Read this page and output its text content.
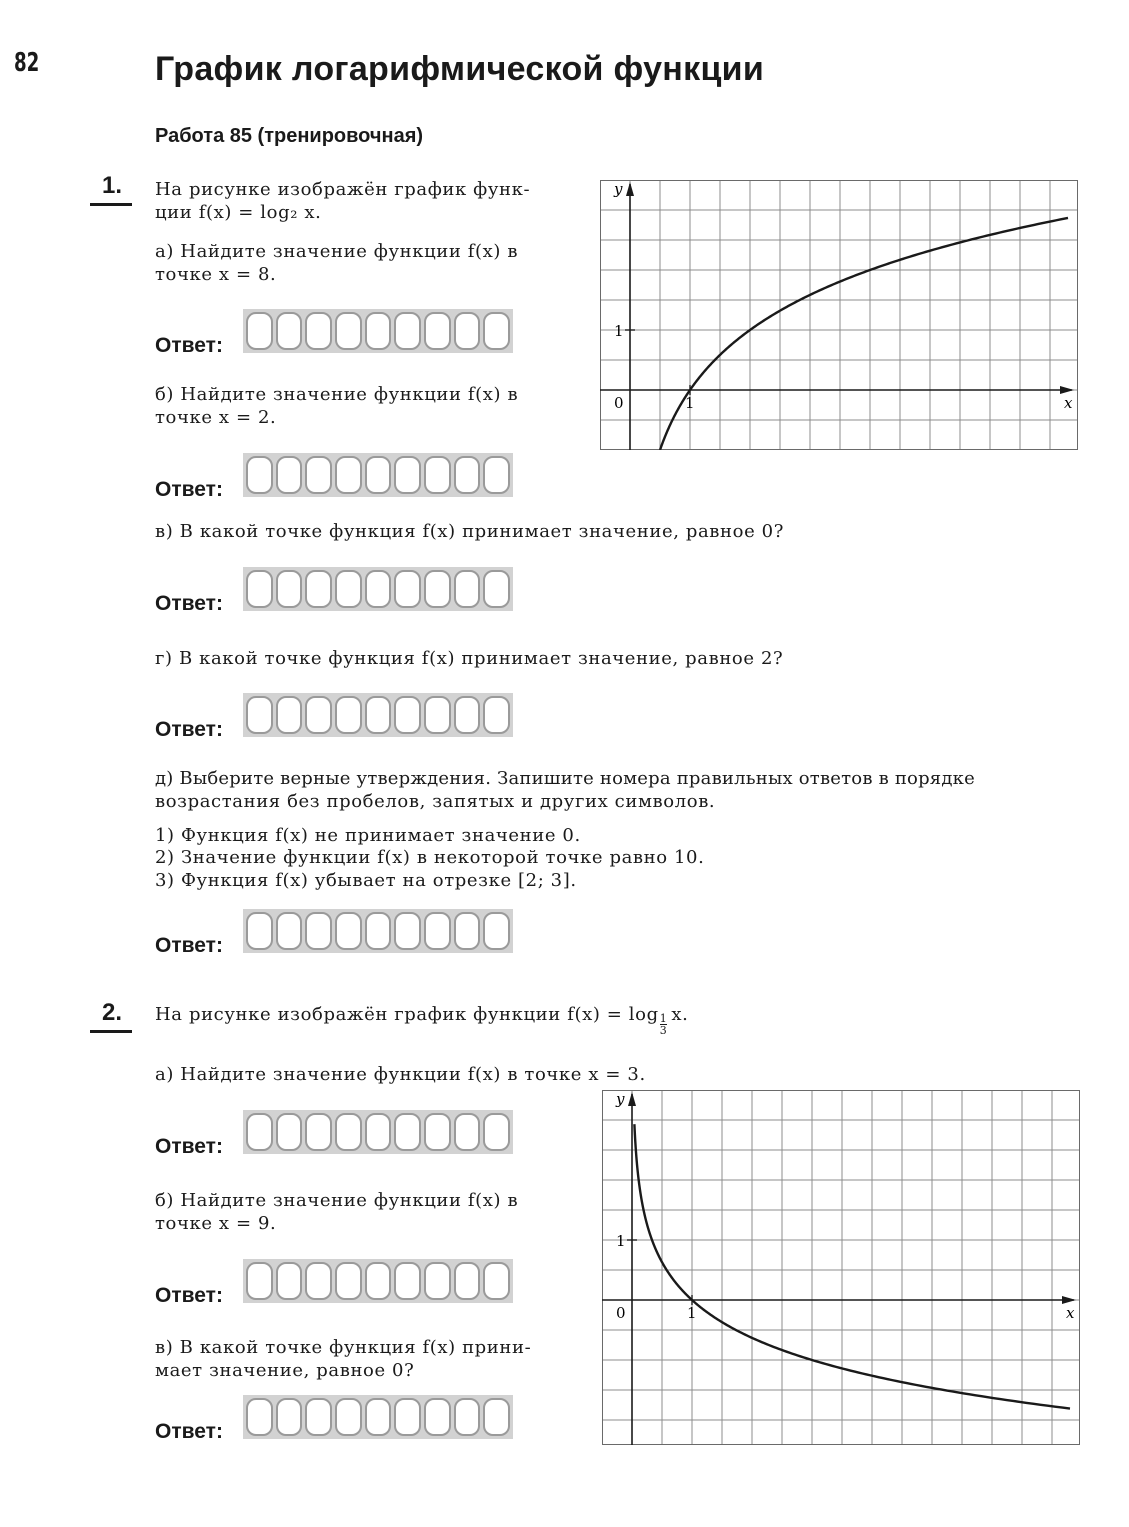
82	График логарифмической функции
Работа 85 (тренировочная)
1. На рисунке изображён график функ-
ции f(x) = log₂ x.
а) Найдите значение функции f(x) в
точке x = 8.
Ответ:
б) Найдите значение функции f(x) в
точке x = 2.
Ответ:
в) В какой точке функция f(x) принимает значение, равное 0?
Ответ:
г) В какой точке функция f(x) принимает значение, равное 2?
Ответ:
д) Выберите верные утверждения. Запишите номера правильных ответов в порядке
возрастания без пробелов, запятых и других символов.
1) Функция f(x) не принимает значение 0.
2) Значение функции f(x) в некоторой точке равно 10.
3) Функция f(x) убывает на отрезке [2; 3].
Ответ:
y
x
0	1
1
2. На рисунке изображён график функции $f(x) = \log \frac{1}{3} x$.
а) Найдите значение функции f(x) в точке x = 3.
Ответ:
б) Найдите значение функции f(x) в
точке x = 9.
Ответ:
в) В какой точке функция f(x) прини-
мает значение, равное 0?
Ответ:
y
x
0	1
1
